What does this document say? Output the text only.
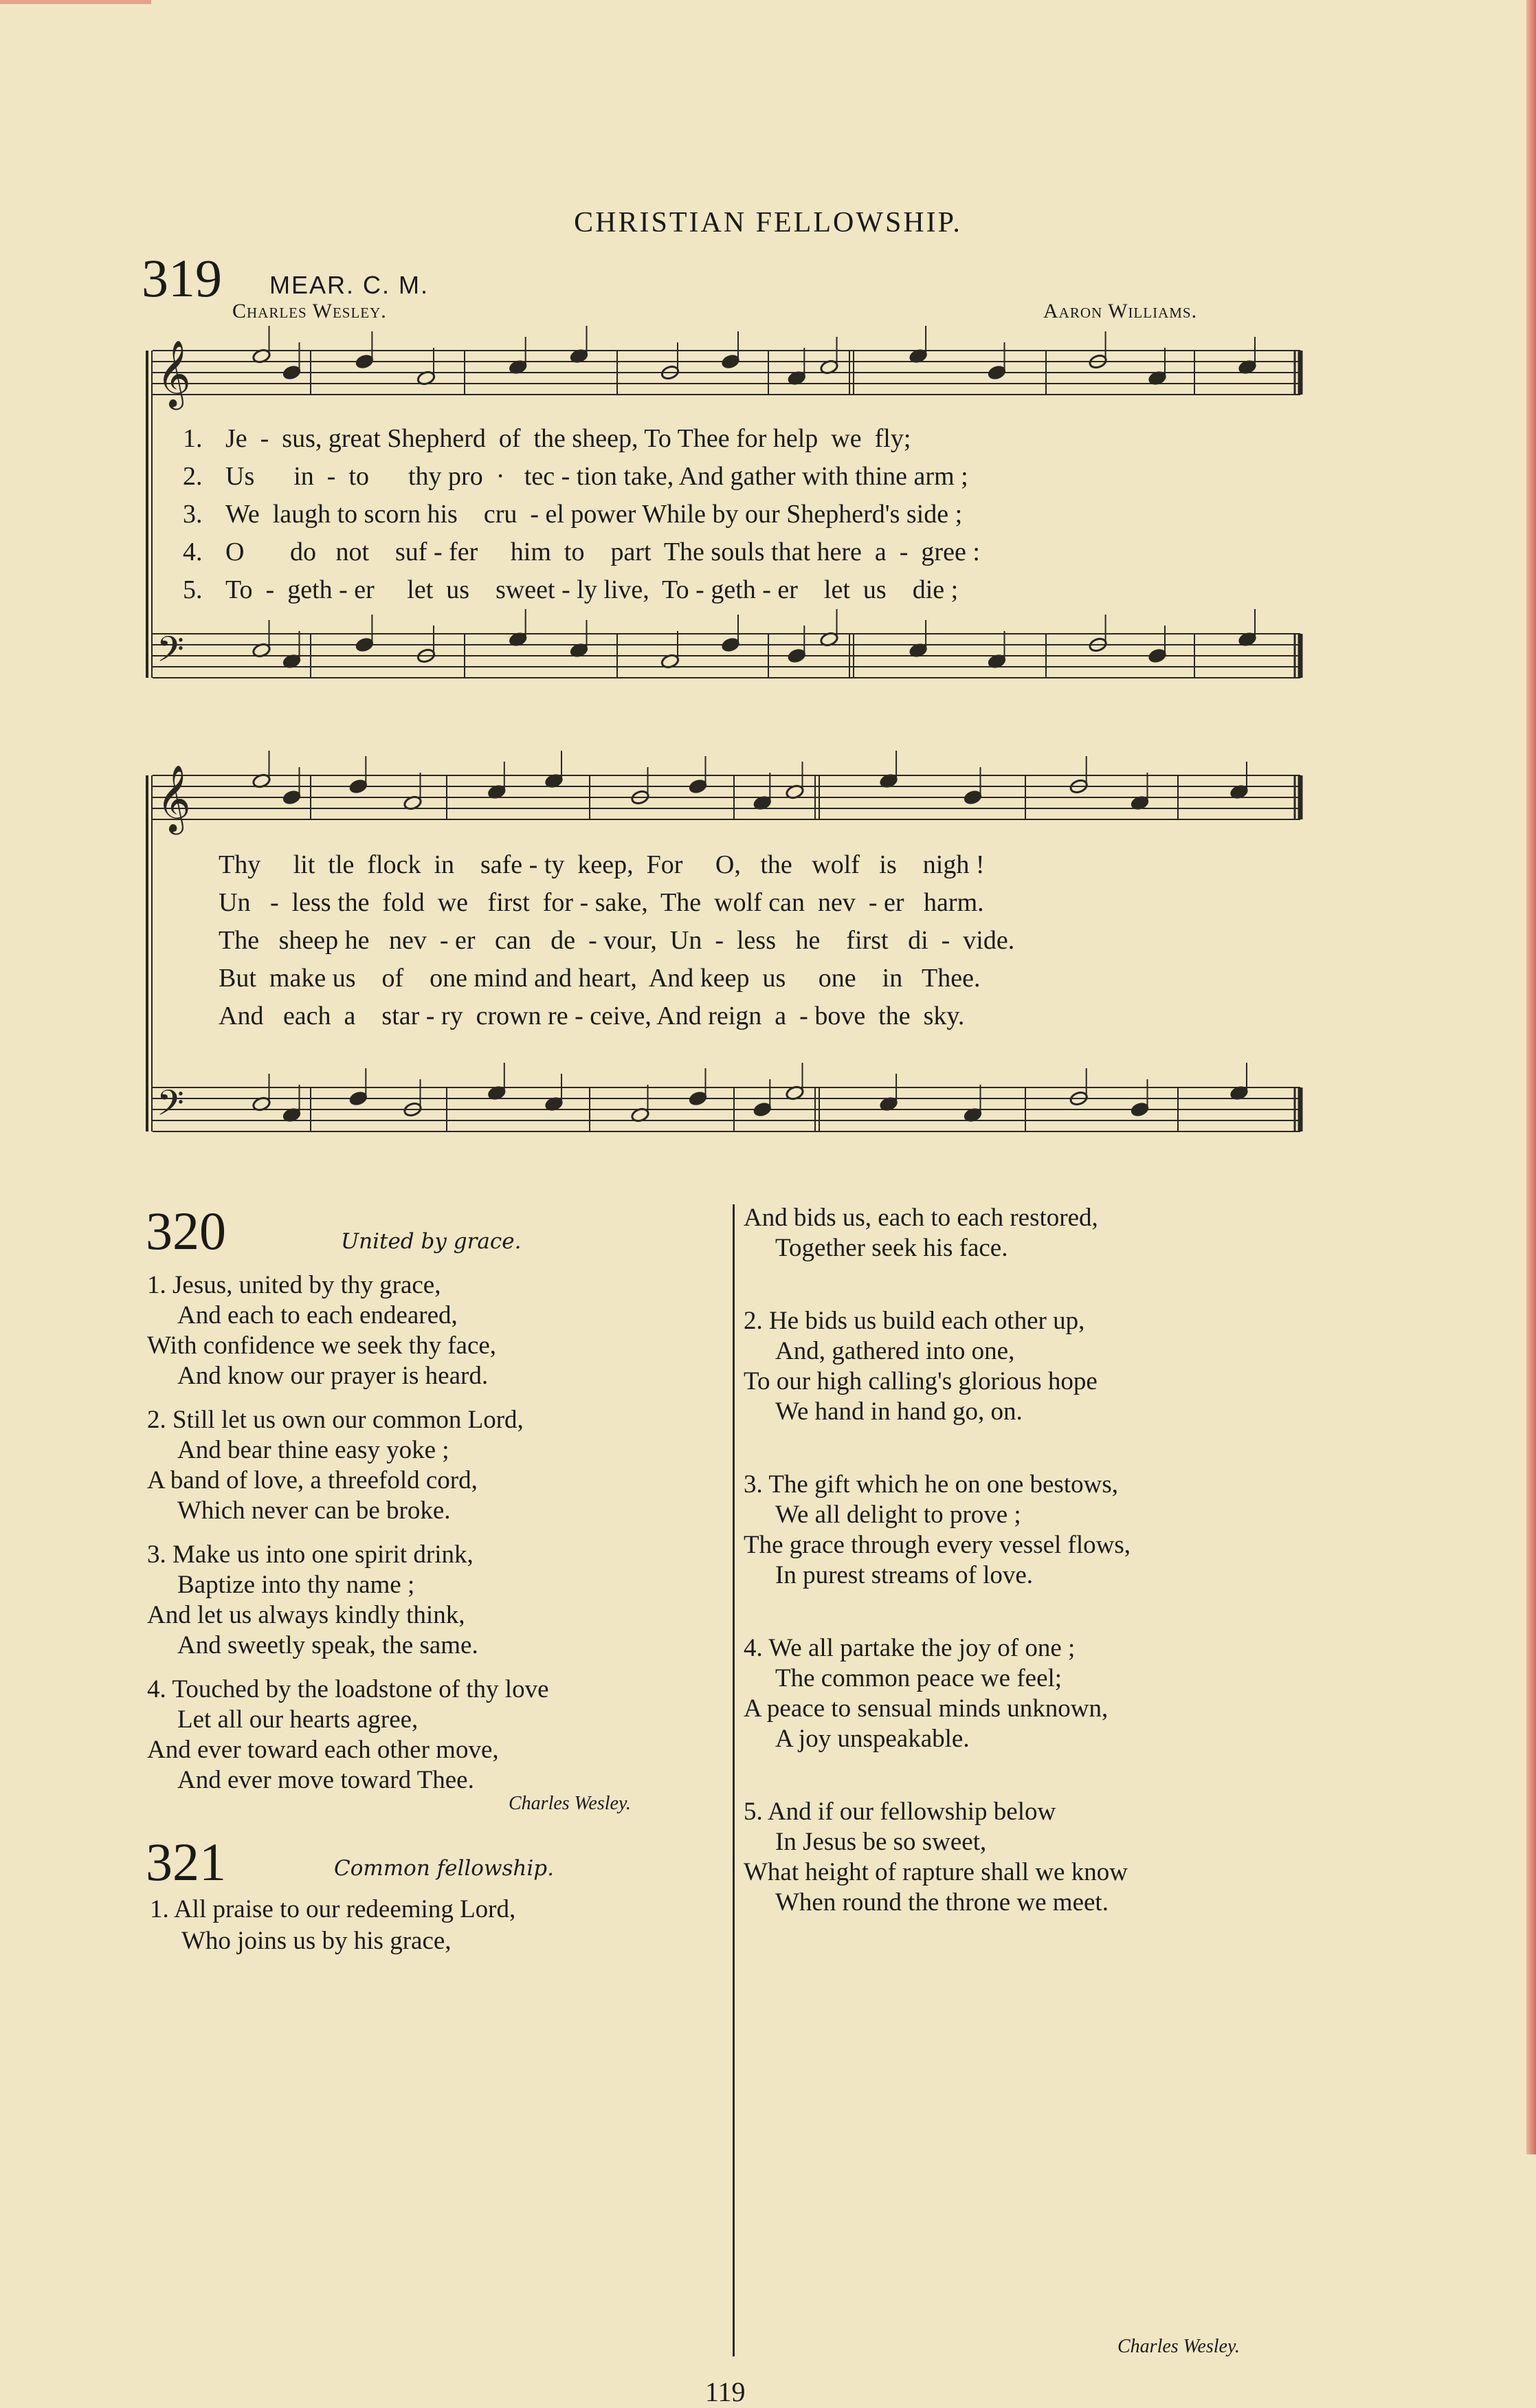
CHRISTIAN FELLOWSHIP.
319 MEAR. C. M.
Charles Wesley.	Aaron Williams.
𝄞
𝄢
𝄞
𝄢
1. Je  -  sus, great Shepherd  of  the sheep, To Thee for help  we  fly;
2. Us      in  -  to      thy pro  ·   tec - tion take, And gather with thine arm ;
3. We  laugh to scorn his    cru  - el power While by our Shepherd's side ;
4. O       do   not    suf - fer     him  to    part  The souls that here  a  -  gree :
5. To  -  geth - er     let  us    sweet - ly live,  To - geth - er    let  us    die ;
Thy     lit  tle  flock  in    safe - ty  keep,  For     O,   the   wolf   is    nigh !
Un   -  less the  fold  we   first  for - sake,  The  wolf can  nev  - er   harm.
The   sheep he   nev  - er   can   de  - vour,  Un  -  less   he    first   di  -  vide.
But  make us    of    one mind and heart,  And keep  us     one    in   Thee.
And   each  a    star - ry  crown re - ceive, And reign  a  - bove  the  sky.
320	United by grace.
1. Jesus, united by thy grace,
And each to each endeared,
With confidence we seek thy face,
And know our prayer is heard.
2. Still let us own our common Lord,
And bear thine easy yoke ;
A band of love, a threefold cord,
Which never can be broke.
3. Make us into one spirit drink,
Baptize into thy name ;
And let us always kindly think,
And sweetly speak, the same.
4. Touched by the loadstone of thy love
Let all our hearts agree,
And ever toward each other move,
And ever move toward Thee.
Charles Wesley.
321	Common fellowship.
1. All praise to our redeeming Lord,
Who joins us by his grace,
And bids us, each to each restored,
Together seek his face.
2. He bids us build each other up,
And, gathered into one,
To our high calling's glorious hope
We hand in hand go, on.
3. The gift which he on one bestows,
We all delight to prove ;
The grace through every vessel flows,
In purest streams of love.
4. We all partake the joy of one ;
The common peace we feel;
A peace to sensual minds unknown,
A joy unspeakable.
5. And if our fellowship below
In Jesus be so sweet,
What height of rapture shall we know
When round the throne we meet.
Charles Wesley.
119
